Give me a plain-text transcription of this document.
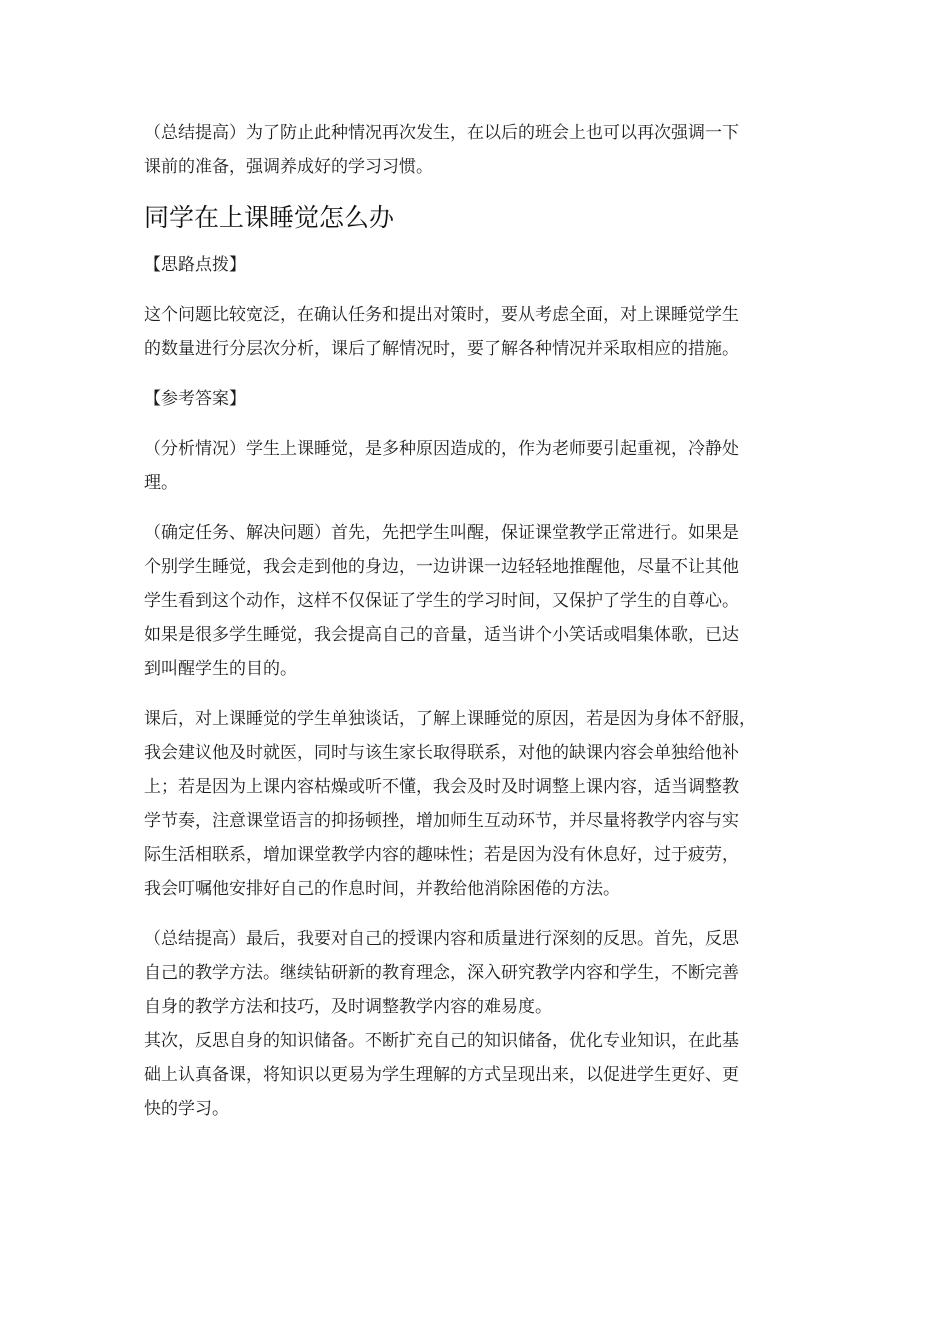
（总结提高）为了防止此种情况再次发生，在以后的班会上也可以再次强调一下
课前的准备，强调养成好的学习习惯。

同学在上课睡觉怎么办

【思路点拨】

这个问题比较宽泛，在确认任务和提出对策时，要从考虑全面，对上课睡觉学生
的数量进行分层次分析，课后了解情况时，要了解各种情况并采取相应的措施。

【参考答案】

（分析情况）学生上课睡觉，是多种原因造成的，作为老师要引起重视，冷静处
理。

（确定任务、解决问题）首先，先把学生叫醒，保证课堂教学正常进行。如果是
个别学生睡觉，我会走到他的身边，一边讲课一边轻轻地推醒他，尽量不让其他
学生看到这个动作，这样不仅保证了学生的学习时间，又保护了学生的自尊心。
如果是很多学生睡觉，我会提高自己的音量，适当讲个小笑话或唱集体歌，已达
到叫醒学生的目的。

课后，对上课睡觉的学生单独谈话，了解上课睡觉的原因，若是因为身体不舒服，
我会建议他及时就医，同时与该生家长取得联系，对他的缺课内容会单独给他补
上；若是因为上课内容枯燥或听不懂，我会及时及时调整上课内容，适当调整教
学节奏，注意课堂语言的抑扬顿挫，增加师生互动环节，并尽量将教学内容与实
际生活相联系，增加课堂教学内容的趣味性；若是因为没有休息好，过于疲劳，
我会叮嘱他安排好自己的作息时间，并教给他消除困倦的方法。

（总结提高）最后，我要对自己的授课内容和质量进行深刻的反思。首先，反思
自己的教学方法。继续钻研新的教育理念，深入研究教学内容和学生，不断完善
自身的教学方法和技巧，及时调整教学内容的难易度。

其次，反思自身的知识储备。不断扩充自己的知识储备，优化专业知识，在此基
础上认真备课，将知识以更易为学生理解的方式呈现出来，以促进学生更好、更
快的学习。
